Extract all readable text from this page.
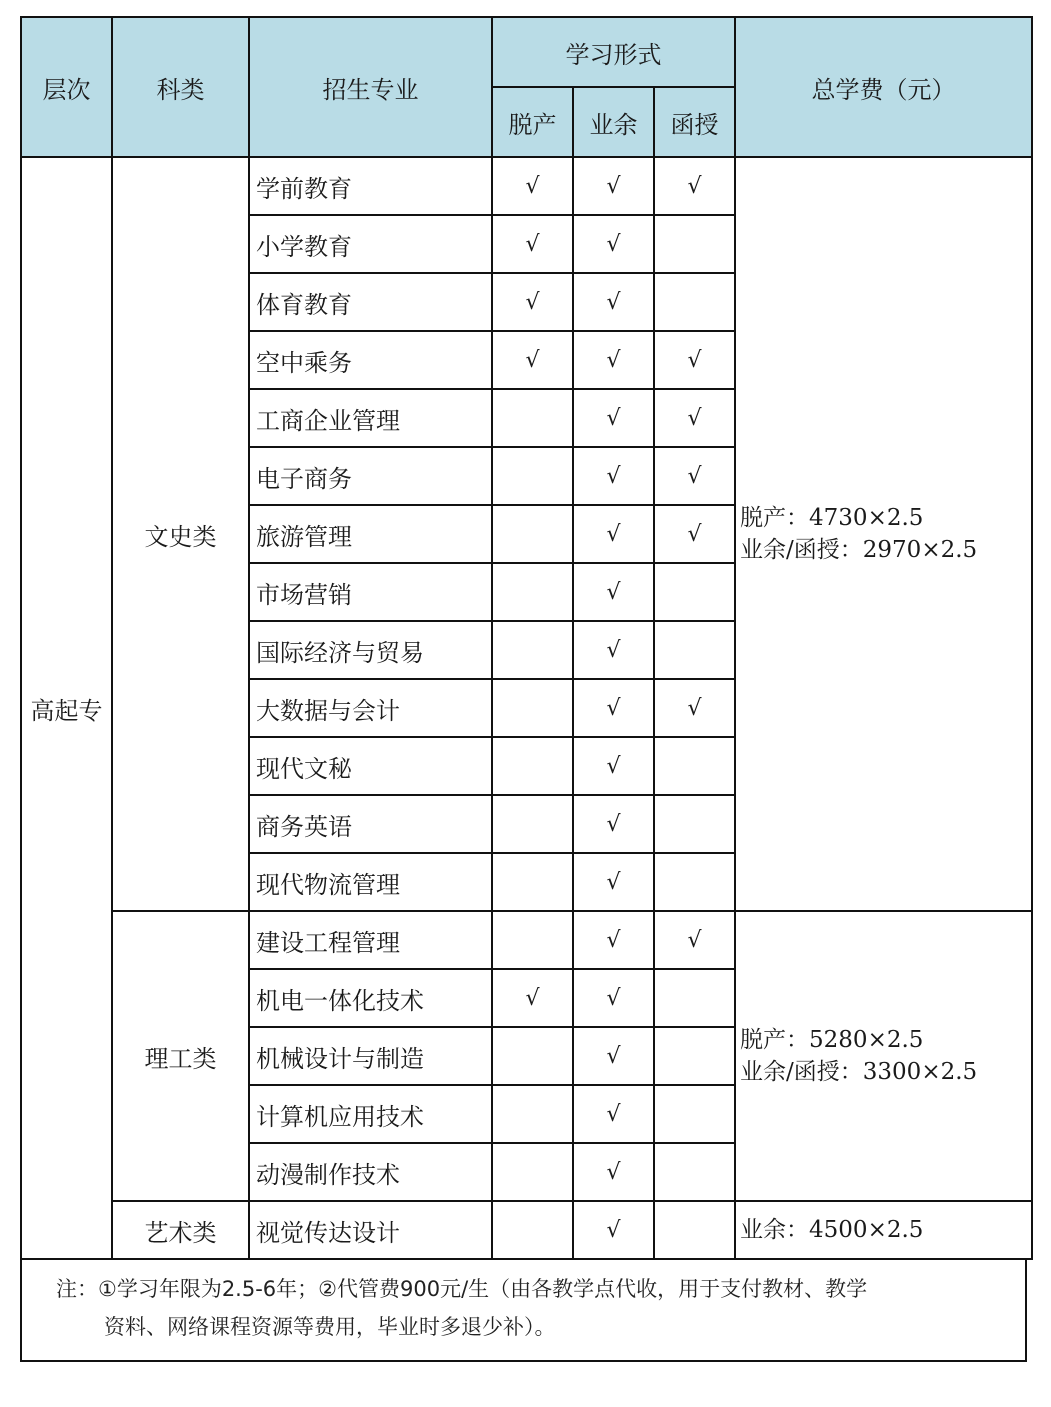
层次	科类	招生专业	学习形式			总学费（元）
			脱产	业余	函授	
高起专	文史类	学前教育	√	√	√	脱产：4730×2.5
业余/函授：2970×2.5

		小学教育	√	√		
		体育教育	√	√		
		空中乘务	√	√	√	
		工商企业管理		√	√	
		电子商务		√	√	
		旅游管理		√	√	
		市场营销		√		
		国际经济与贸易		√		
		大数据与会计		√	√	
		现代文秘		√		
		商务英语		√		
		现代物流管理		√		
	理工类	建设工程管理		√	√	脱产：5280×2.5
业余/函授：3300×2.5

		机电一体化技术	√	√		
		机械设计与制造		√		
		计算机应用技术		√		
		动漫制作技术		√		
	艺术类	视觉传达设计		√		业余：4500×2.5
注：①学习年限为2.5-6年；②代管费900元/生（由各教学点代收，用于支付教材、教学
资料、网络课程资源等费用，毕业时多退少补）。
